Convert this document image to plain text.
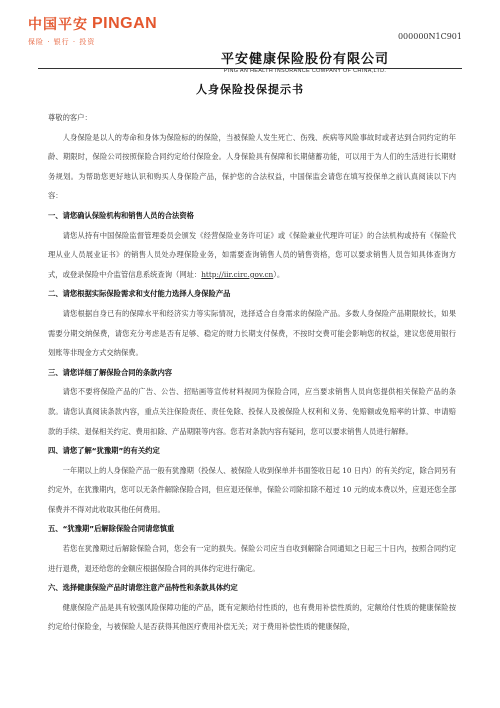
中国平安 PINGAN
保险 · 银行 · 投资
000000N1C901
平安健康保险股份有限公司
PING AN HEALTH INSURANCE COMPANY OF CHINA,LTD.
人身保险投保提示书
尊敬的客户：

人身保险是以人的寿命和身体为保险标的的保险，当被保险人发生死亡、伤残、疾病等风险事故时或者达到合同约定的年龄、期限时，保险公司按照保险合同约定给付保险金。人身保险具有保障和长期储蓄功能，可以用于为人们的生活进行长期财务规划。为帮助您更好地认识和购买人身保险产品，保护您的合法权益，中国保监会请您在填写投保单之前认真阅读以下内容：

一、请您确认保险机构和销售人员的合法资格

请您从持有中国保险监督管理委员会颁发《经营保险业务许可证》或《保险兼业代理许可证》的合法机构或持有《保险代理从业人员展业证书》的销售人员处办理保险业务，如需要查询销售人员的销售资格，您可以要求销售人员告知具体查询方式，或登录保险中介监管信息系统查询（网址：http://iir.circ.gov.cn）。

二、请您根据实际保险需求和支付能力选择人身保险产品

请您根据自身已有的保障水平和经济实力等实际情况，选择适合自身需求的保险产品。多数人身保险产品期限较长，如果需要分期交纳保费，请您充分考虑是否有足够、稳定的财力长期支付保费，不按时交费可能会影响您的权益，建议您使用银行划账等非现金方式交纳保费。

三、请您详细了解保险合同的条款内容

请您不要将保险产品的广告、公告、招贴画等宣传材料视同为保险合同，应当要求销售人员向您提供相关保险产品的条款。请您认真阅读条款内容，重点关注保险责任、责任免除、投保人及被保险人权利和义务、免赔额或免赔率的计算、申请赔款的手续、退保相关约定、费用扣除、产品期限等内容。您若对条款内容有疑问，您可以要求销售人员进行解释。

四、请您了解“犹豫期”的有关约定

一年期以上的人身保险产品一般有犹豫期（投保人、被保险人收到保单并书面签收日起 10 日内）的有关约定，除合同另有约定外，在犹豫期内，您可以无条件解除保险合同，但应退还保单，保险公司除扣除不超过 10 元的成本费以外，应退还您全部保费并不得对此收取其他任何费用。

五、“犹豫期”后解除保险合同请您慎重

若您在犹豫期过后解除保险合同，您会有一定的损失。保险公司应当自收到解除合同通知之日起三十日内，按照合同约定进行退费，退还给您的金额应根据保险合同的具体约定进行确定。

六、选择健康保险产品时请您注意产品特性和条款具体约定

健康保险产品是具有较强风险保障功能的产品，既有定额给付性质的，也有费用补偿性质的，定额给付性质的健康保险按约定给付保险金，与被保险人是否获得其他医疗费用补偿无关；对于费用补偿性质的健康保险，
